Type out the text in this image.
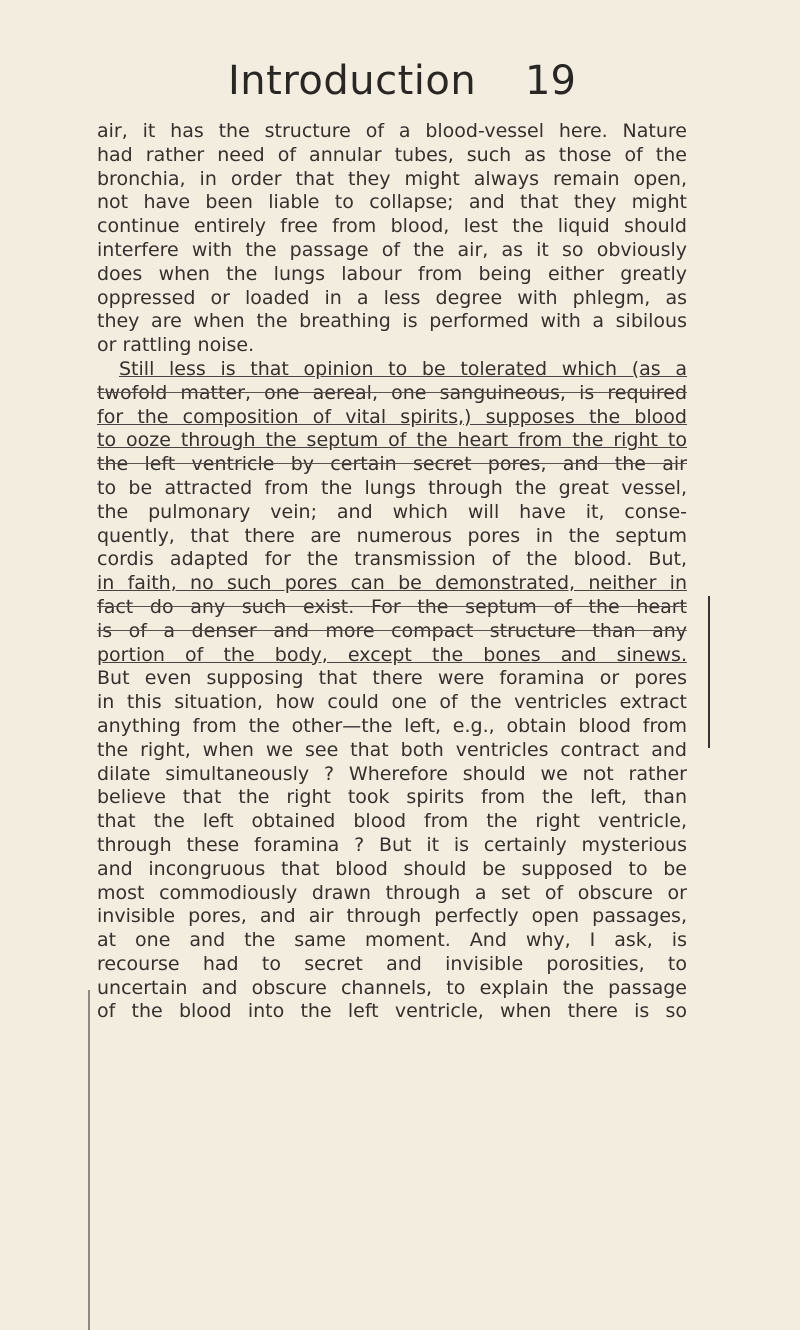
Introduction 19
air, it has the structure of a blood-vessel here. Nature
had rather need of annular tubes, such as those of the
bronchia, in order that they might always remain open,
not have been liable to collapse; and that they might
continue entirely free from blood, lest the liquid should
interfere with the passage of the air, as it so obviously
does when the lungs labour from being either greatly
oppressed or loaded in a less degree with phlegm, as
they are when the breathing is performed with a sibilous
or rattling noise.
Still less is that opinion to be tolerated which (as a
twofold matter, one aereal, one sanguineous, is required
for the composition of vital spirits,) supposes the blood
to ooze through the septum of the heart from the right to
the left ventricle by certain secret pores, and the air
to be attracted from the lungs through the great vessel,
the pulmonary vein; and which will have it, conse-
quently, that there are numerous pores in the septum
cordis adapted for the transmission of the blood. But,
in faith, no such pores can be demonstrated, neither in
fact do any such exist. For the septum of the heart
is of a denser and more compact structure than any
portion of the body, except the bones and sinews.
But even supposing that there were foramina or pores
in this situation, how could one of the ventricles extract
anything from the other—the left, e.g., obtain blood from
the right, when we see that both ventricles contract and
dilate simultaneously ? Wherefore should we not rather
believe that the right took spirits from the left, than
that the left obtained blood from the right ventricle,
through these foramina ? But it is certainly mysterious
and incongruous that blood should be supposed to be
most commodiously drawn through a set of obscure or
invisible pores, and air through perfectly open passages,
at one and the same moment. And why, I ask, is
recourse had to secret and invisible porosities, to
uncertain and obscure channels, to explain the passage
of the blood into the left ventricle, when there is so
